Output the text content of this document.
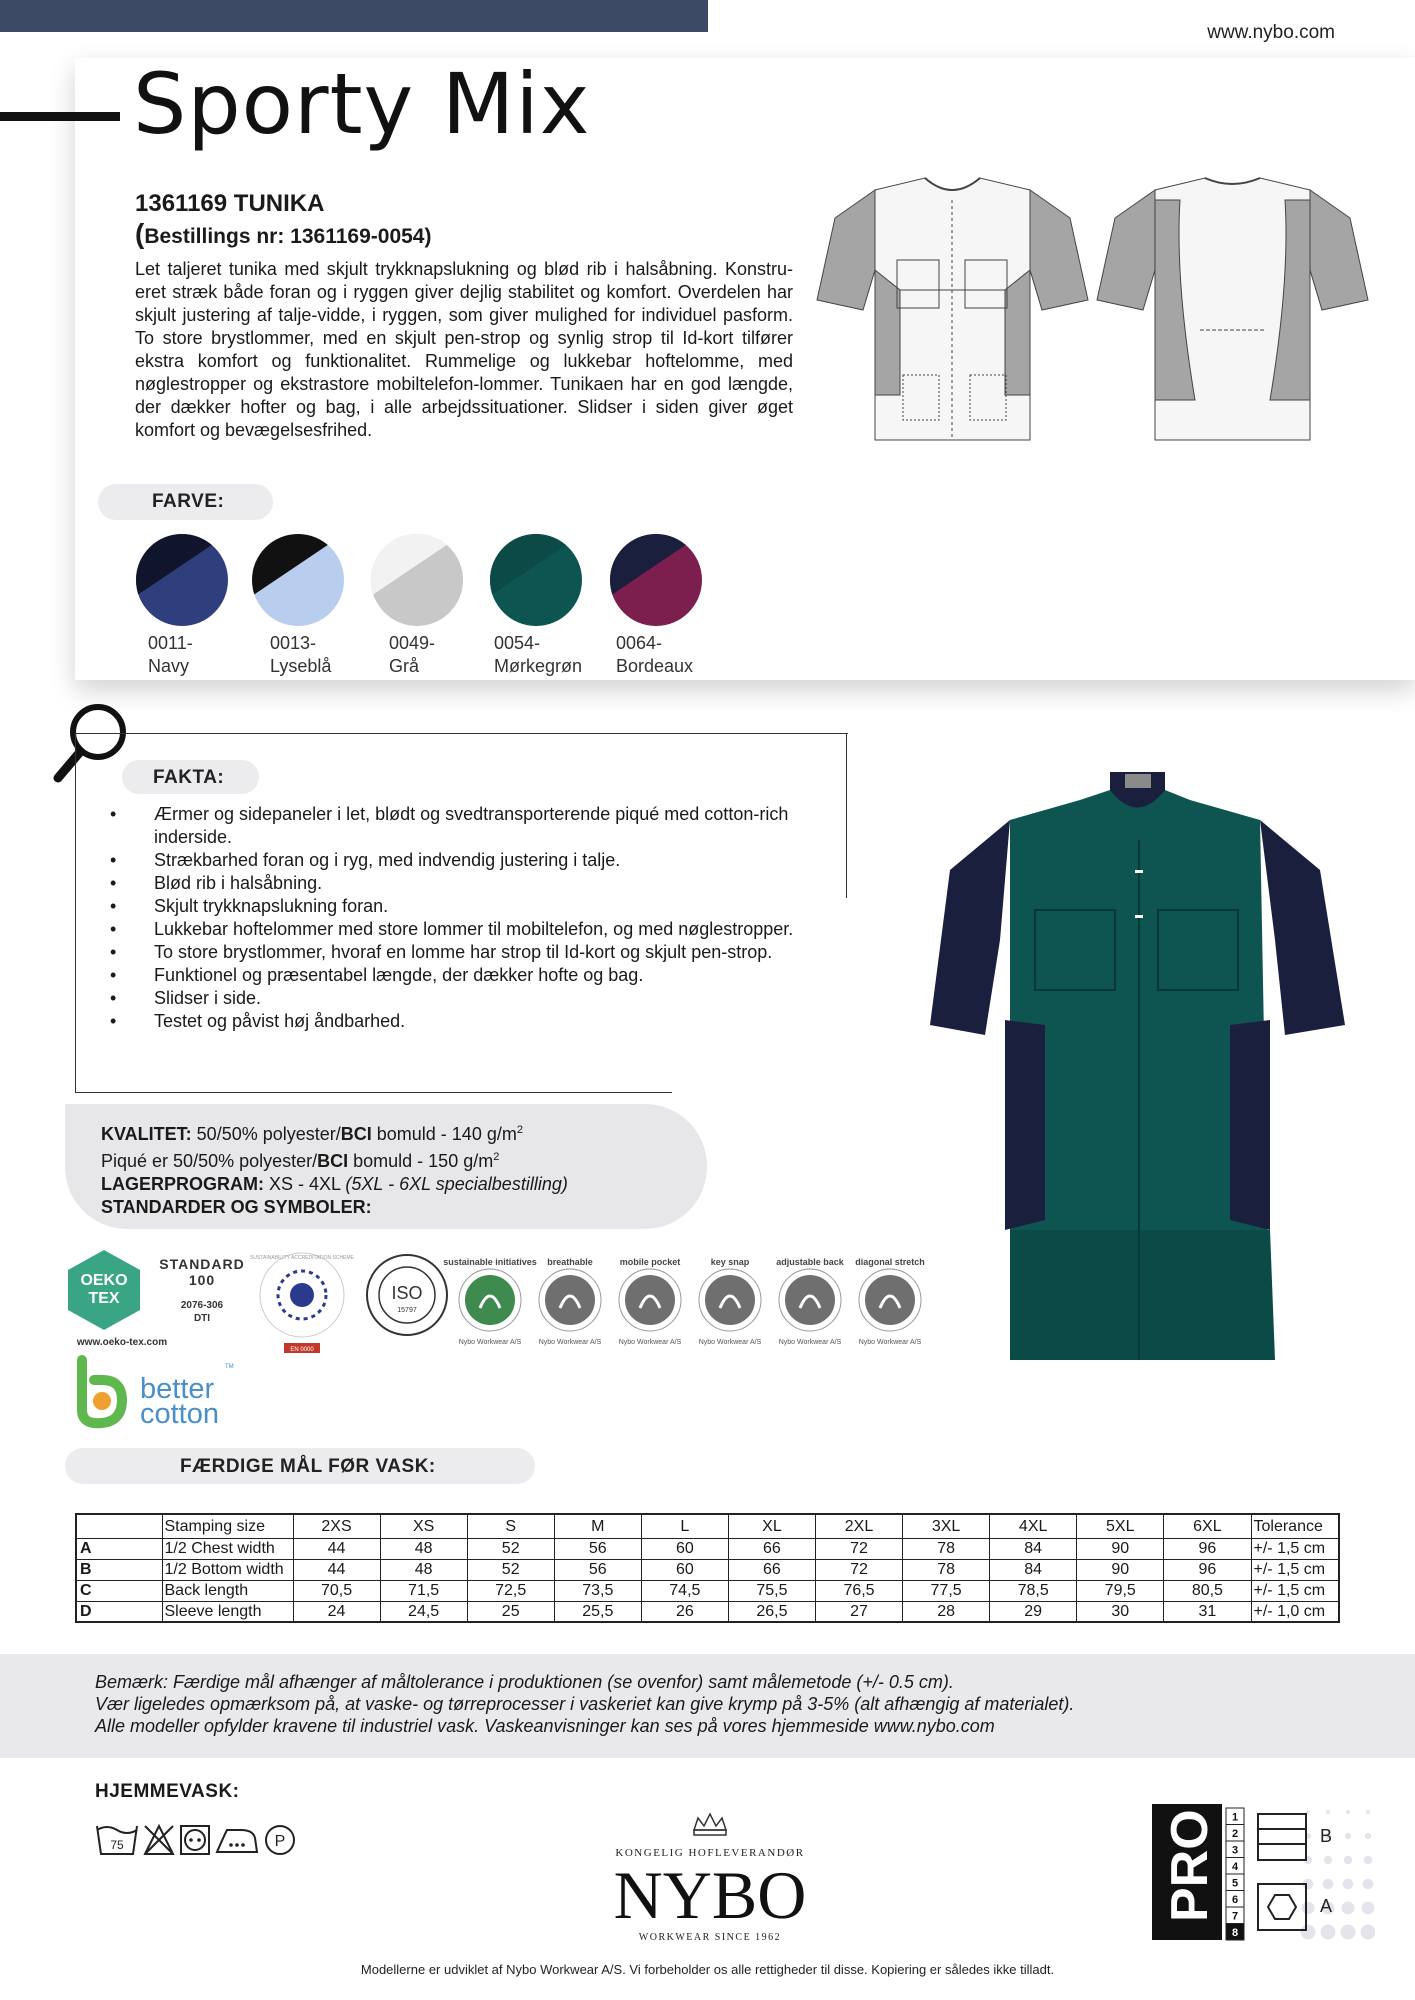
www.nybo.com
Sporty Mix
1361169 TUNIKA
(Bestillings nr: 1361169-0054)
Let taljeret tunika med skjult trykknapslukning og blød rib i halsåbning. Konstru-eret stræk både foran og i ryggen giver dejlig stabilitet og komfort. Overdelen har skjult justering af talje-vidde, i ryggen, som giver mulighed for individuel pasform. To store brystlommer, med en skjult pen-strop og synlig strop til Id-kort tilfører ekstra komfort og funktionalitet. Rummelige og lukkebar hoftelomme, med nøglestropper og ekstrastore mobiltelefon-lommer. Tunikaen har en god længde, der dækker hofter og bag, i alle arbejdssituationer. Slidser i siden giver øget komfort og bevægelsesfrihed.
FARVE:
0011-
Navy
0013-
Lyseblå
0049-
Grå
0054-
Mørkegrøn
0064-
Bordeaux
FAKTA:
• Ærmer og sidepaneler i let, blødt og svedtransporterende piqué med cotton-rich inderside.
• Strækbarhed foran og i ryg, med indvendig justering i talje.
• Blød rib i halsåbning.
• Skjult trykknapslukning foran.
• Lukkebar hoftelommer med store lommer til mobiltelefon, og med nøglestropper.
• To store brystlommer, hvoraf en lomme har strop til Id-kort og skjult pen-strop.
• Funktionel og præsentabel længde, der dækker hofte og bag.
• Slidser i side.
• Testet og påvist høj åndbarhed.
KVALITET: 50/50% polyester/BCI bomuld - 140 $g/m^2$
Piqué er 50/50% polyester/BCI bomuld - 150 $g/m^2$
LAGERPROGRAM: XS - 4XL (5XL - 6XL specialbestilling)
STANDARDER OG SYMBOLER:
OEKO
TEX
STANDARD
100
2076-306
DTI
www.oeko-tex.com
SUSTAINABILITY ACCREDITATION SCHEME
EN 0000
ISO
15797
sustainable initiatives
Nybo Workwear A/S
breathable
Nybo Workwear A/S
mobile pocket
Nybo Workwear A/S
key snap
Nybo Workwear A/S
adjustable back
Nybo Workwear A/S
diagonal stretch
Nybo Workwear A/S
better
cotton
TM
FÆRDIGE MÅL FØR VASK:
	Stamping size	2XS	XS	S	M	L	XL	2XL	3XL	4XL	5XL	6XL	Tolerance
A	1/2 Chest width	44	48	52	56	60	66	72	78	84	90	96	+/- 1,5 cm
B	1/2 Bottom width	44	48	52	56	60	66	72	78	84	90	96	+/- 1,5 cm
C	Back length	70,5	71,5	72,5	73,5	74,5	75,5	76,5	77,5	78,5	79,5	80,5	+/- 1,5 cm
D	Sleeve length	24	24,5	25	25,5	26	26,5	27	28	29	30	31	+/- 1,0 cm
Bemærk: Færdige mål afhænger af måltolerance i produktionen (se ovenfor) samt målemetode (+/- 0.5 cm).
Vær ligeledes opmærksom på, at vaske- og tørreprocesser i vaskeriet kan give krymp på 3-5% (alt afhængig af materialet).
Alle modeller opfylder kravene til industriel vask. Vaskeanvisninger kan ses på vores hjemmeside www.nybo.com
HJEMMEVASK:
75	P
KONGELIG HOFLEVERANDØR
NYBO
WORKWEAR SINCE 1962
PRO 1
2
3
4
5
6
7
8
B
A
Modellerne er udviklet af Nybo Workwear A/S. Vi forbeholder os alle rettigheder til disse. Kopiering er således ikke tilladt.
